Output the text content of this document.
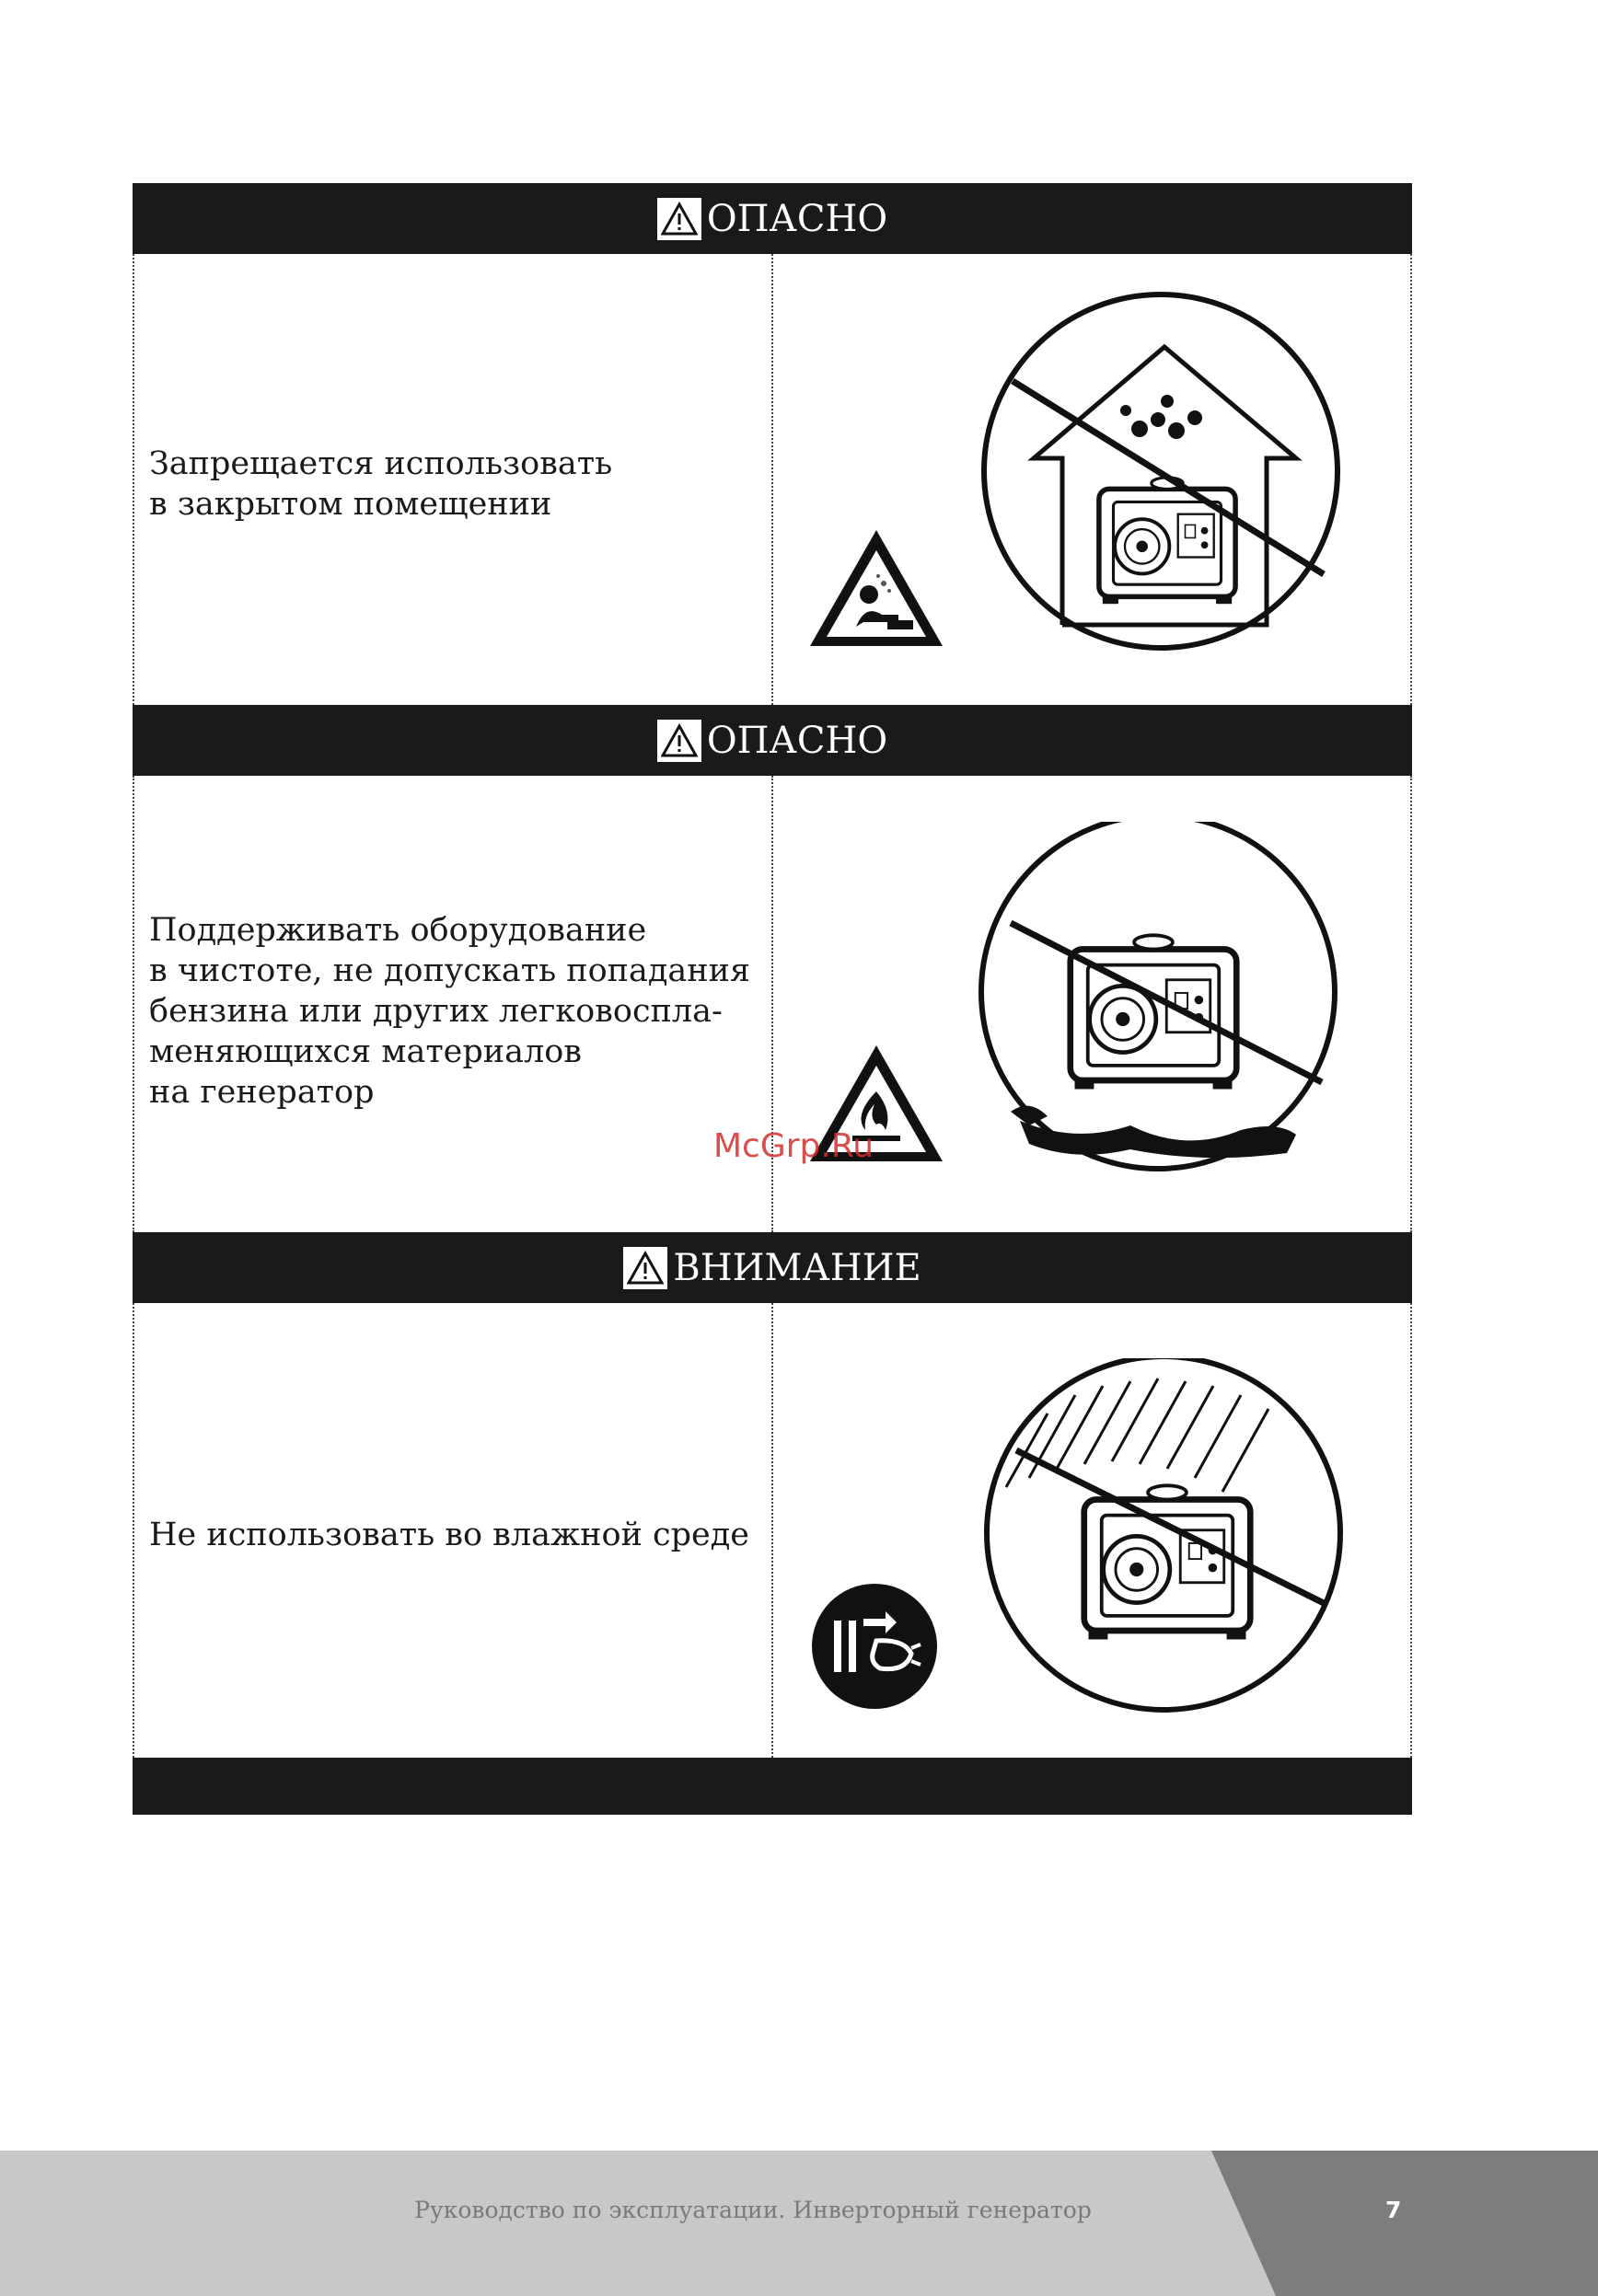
ОПАСНО
Запрещается использовать
в закрытом помещении
ОПАСНО
Поддерживать оборудование
в чистоте, не допускать попадания
бензина или других легковоспла-
меняющихся материалов
на генератор
ВНИМАНИЕ
Не использовать во влажной среде
McGrp.Ru
Руководство по эксплуатации. Инверторный генератор	7
